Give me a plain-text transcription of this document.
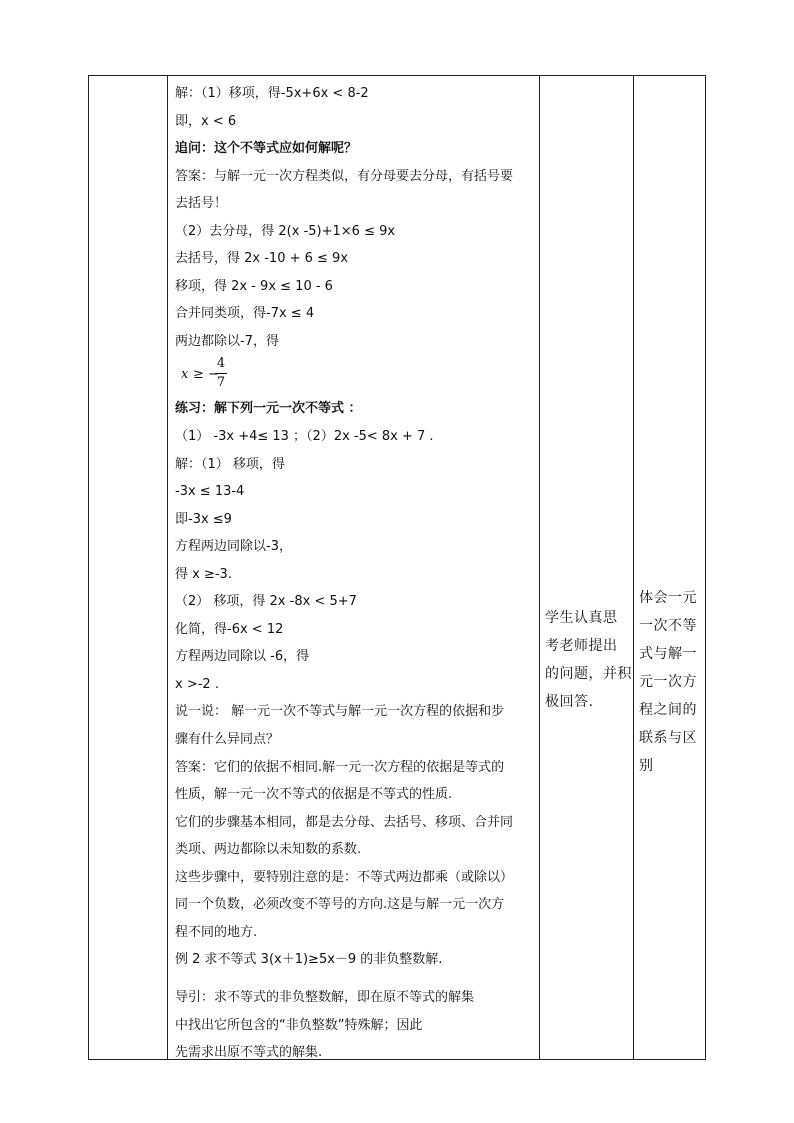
解：（1）移项，得-5x+6x < 8-2
即，x < 6
追问：这个不等式应如何解呢？
答案：与解一元一次方程类似，有分母要去分母，有括号要
去括号！
（2）去分母，得 2(x -5)+1×6 ≤ 9x
去括号，得 2x -10 + 6 ≤ 9x
移项，得 2x - 9x ≤ 10 - 6
合并同类项，得-7x ≤ 4
两边都除以-7，得
x ≥ −
4
7
练习：解下列一元一次不等式 ：
（1） -3x +4≤ 13 ；（2）2x -5< 8x + 7 .
解：（1） 移项，得
-3x ≤ 13-4
即-3x ≤9
方程两边同除以-3，
得 x ≥-3.
（2） 移项，得 2x -8x < 5+7
化简，得-6x < 12
方程两边同除以 -6，得
x >-2 .
说一说： 解一元一次不等式与解一元一次方程的依据和步
骤有什么异同点？
答案：它们的依据不相同.解一元一次方程的依据是等式的
性质，解一元一次不等式的依据是不等式的性质.
它们的步骤基本相同，都是去分母、去括号、移项、合并同
类项、两边都除以未知数的系数.
这些步骤中，要特别注意的是：不等式两边都乘（或除以）
同一个负数，必须改变不等号的方向.这是与解一元一次方
程不同的地方.
例 2 求不等式 3(x＋1)≥5x－9 的非负整数解.
导引：求不等式的非负整数解，即在原不等式的解集
中找出它所包含的“非负整数”特殊解；因此
先需求出原不等式的解集.
学生认真思
考老师提出
的问题，并积
极回答.
体会一元
一次不等
式与解一
元一次方
程之间的
联系与区
别
